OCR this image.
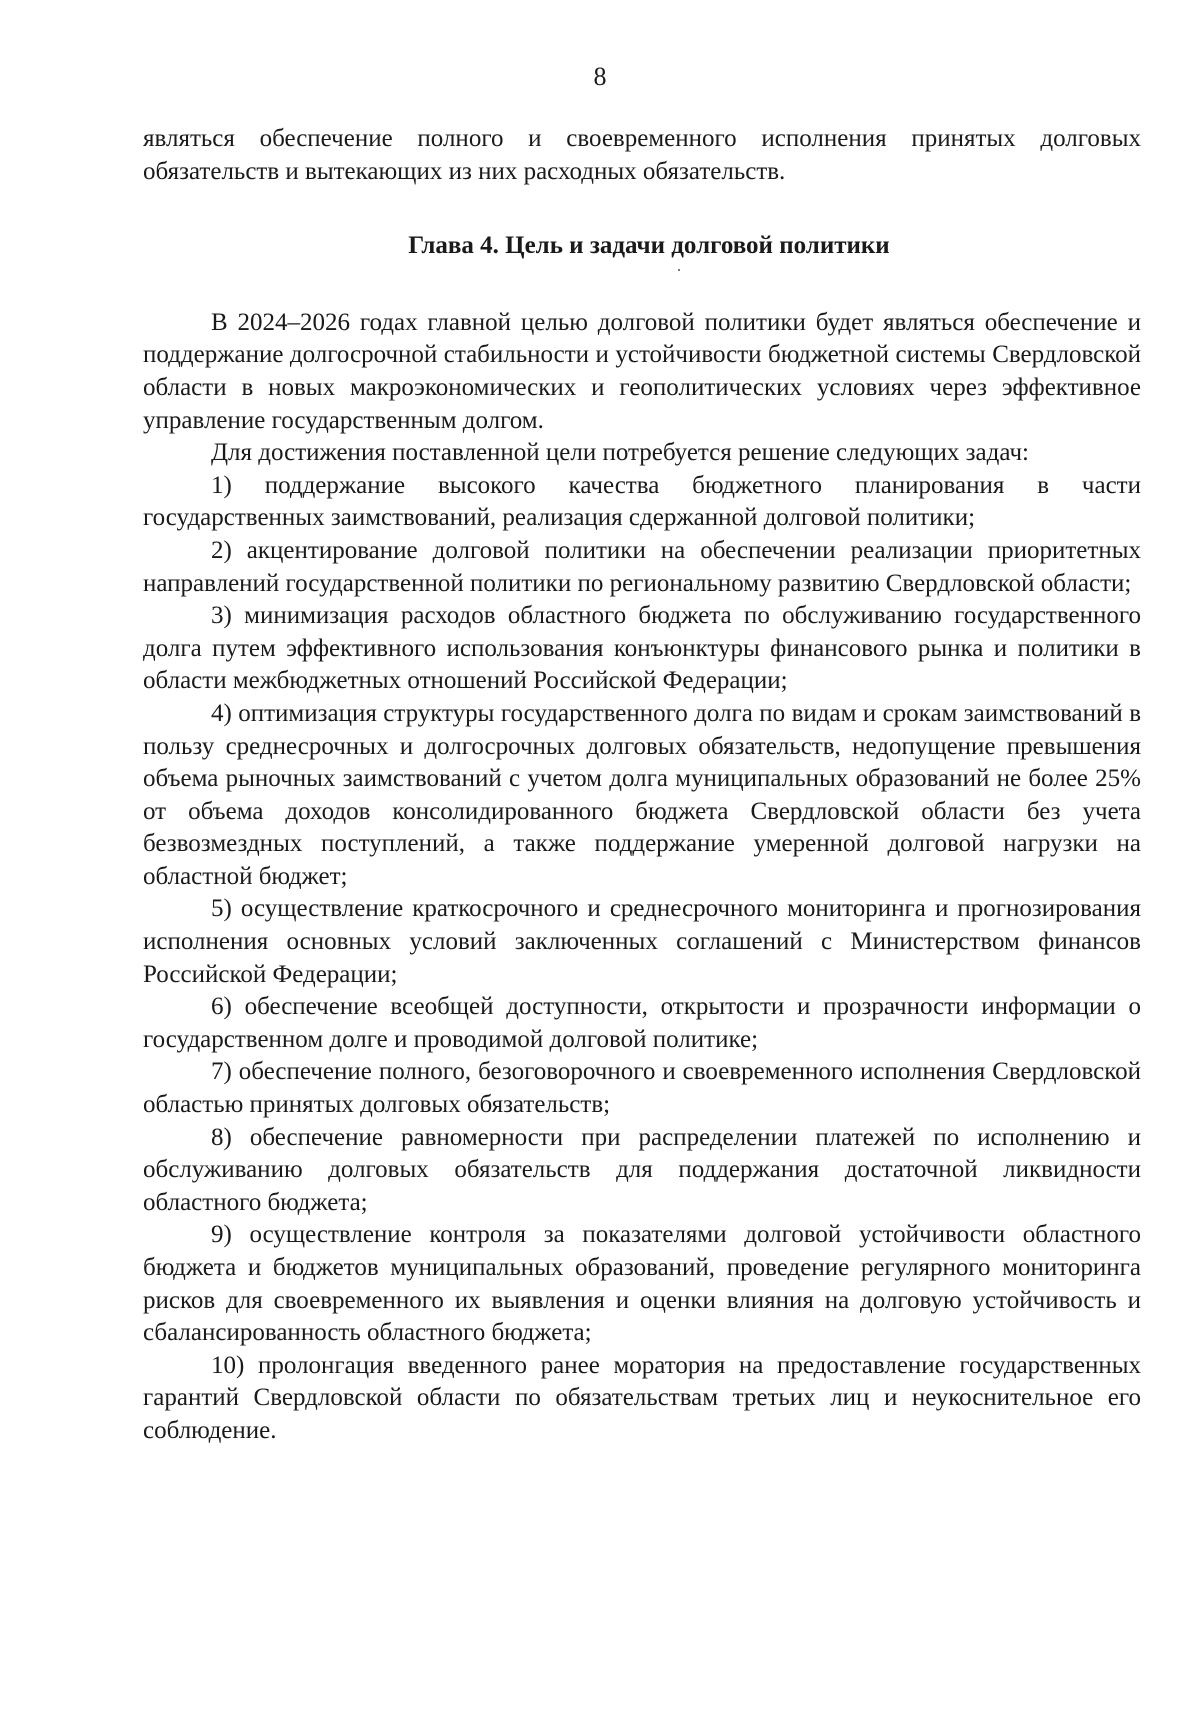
8

являться обеспечение полного и своевременного исполнения принятых долговых обязательств и вытекающих из них расходных обязательств.

Глава 4. Цель и задачи долговой политики

В 2024–2026 годах главной целью долговой политики будет являться обеспечение и поддержание долгосрочной стабильности и устойчивости бюджетной системы Свердловской области в новых макроэкономических и геополитических условиях через эффективное управление государственным долгом.

Для достижения поставленной цели потребуется решение следующих задач:

1) поддержание высокого качества бюджетного планирования в части государственных заимствований, реализация сдержанной долговой политики;

2) акцентирование долговой политики на обеспечении реализации приоритетных направлений государственной политики по региональному развитию Свердловской области;

3) минимизация расходов областного бюджета по обслуживанию государственного долга путем эффективного использования конъюнктуры финансового рынка и политики в области межбюджетных отношений Российской Федерации;

4) оптимизация структуры государственного долга по видам и срокам заимствований в пользу среднесрочных и долгосрочных долговых обязательств, недопущение превышения объема рыночных заимствований с учетом долга муниципальных образований не более 25% от объема доходов консолидированного бюджета Свердловской области без учета безвозмездных поступлений, а также поддержание умеренной долговой нагрузки на областной бюджет;

5) осуществление краткосрочного и среднесрочного мониторинга и прогнозирования исполнения основных условий заключенных соглашений с Министерством финансов Российской Федерации;

6) обеспечение всеобщей доступности, открытости и прозрачности информации о государственном долге и проводимой долговой политике;

7) обеспечение полного, безоговорочного и своевременного исполнения Свердловской областью принятых долговых обязательств;

8) обеспечение равномерности при распределении платежей по исполнению и обслуживанию долговых обязательств для поддержания достаточной ликвидности областного бюджета;

9) осуществление контроля за показателями долговой устойчивости областного бюджета и бюджетов муниципальных образований, проведение регулярного мониторинга рисков для своевременного их выявления и оценки влияния на долговую устойчивость и сбалансированность областного бюджета;

10) пролонгация введенного ранее моратория на предоставление государственных гарантий Свердловской области по обязательствам третьих лиц и неукоснительное его соблюдение.
